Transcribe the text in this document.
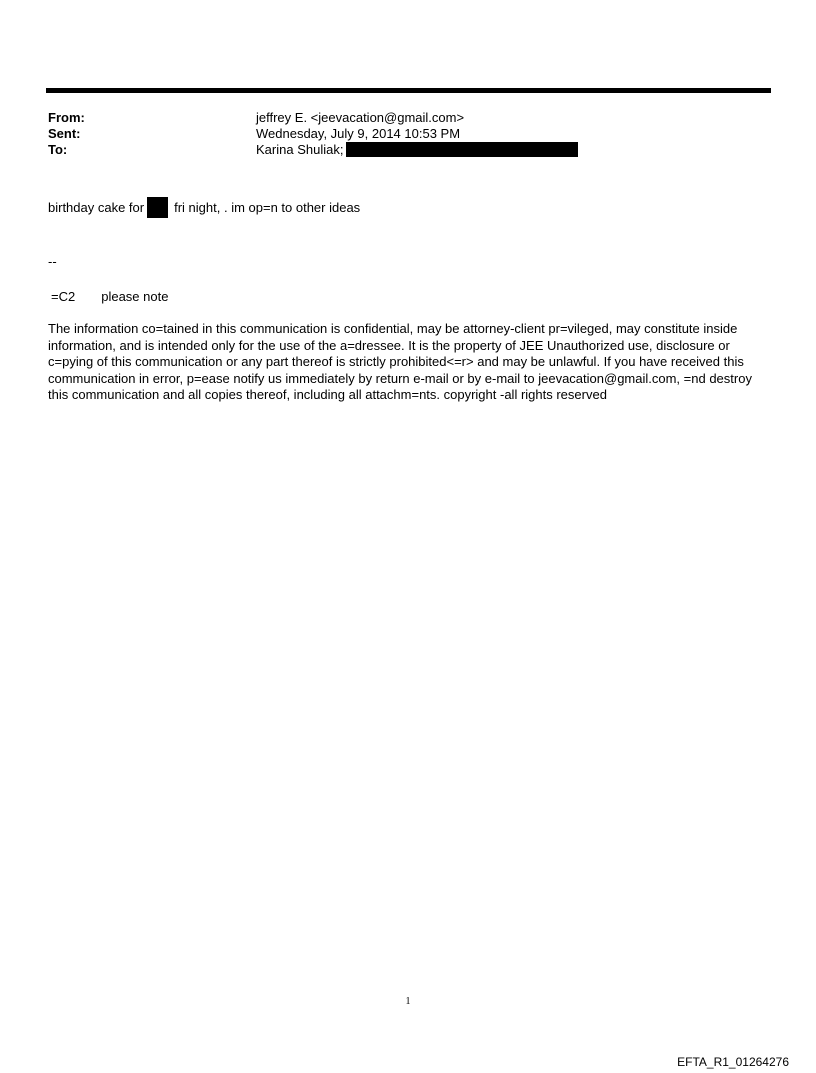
From:	jeffrey E. <jeevacation@gmail.com>
Sent:	Wednesday, July 9, 2014 10:53 PM
To:	Karina Shuliak;
birthday cake for fri night, . im op=n to other ideas
--
=C2 please note
The information co=tained in this communication is confidential, may be attorney-client pr=vileged, may constitute inside information, and is intended only for the use of the a=dressee. It is the property of JEE Unauthorized use, disclosure or c=pying of this communication or any part thereof is strictly prohibited<=r> and may be unlawful. If you have received this communication in error, p=ease notify us immediately by return e-mail or by e-mail to jeevacation@gmail.com, =nd destroy this communication and all copies thereof, including all attachm=nts. copyright -all rights reserved
1
EFTA_R1_01264276
